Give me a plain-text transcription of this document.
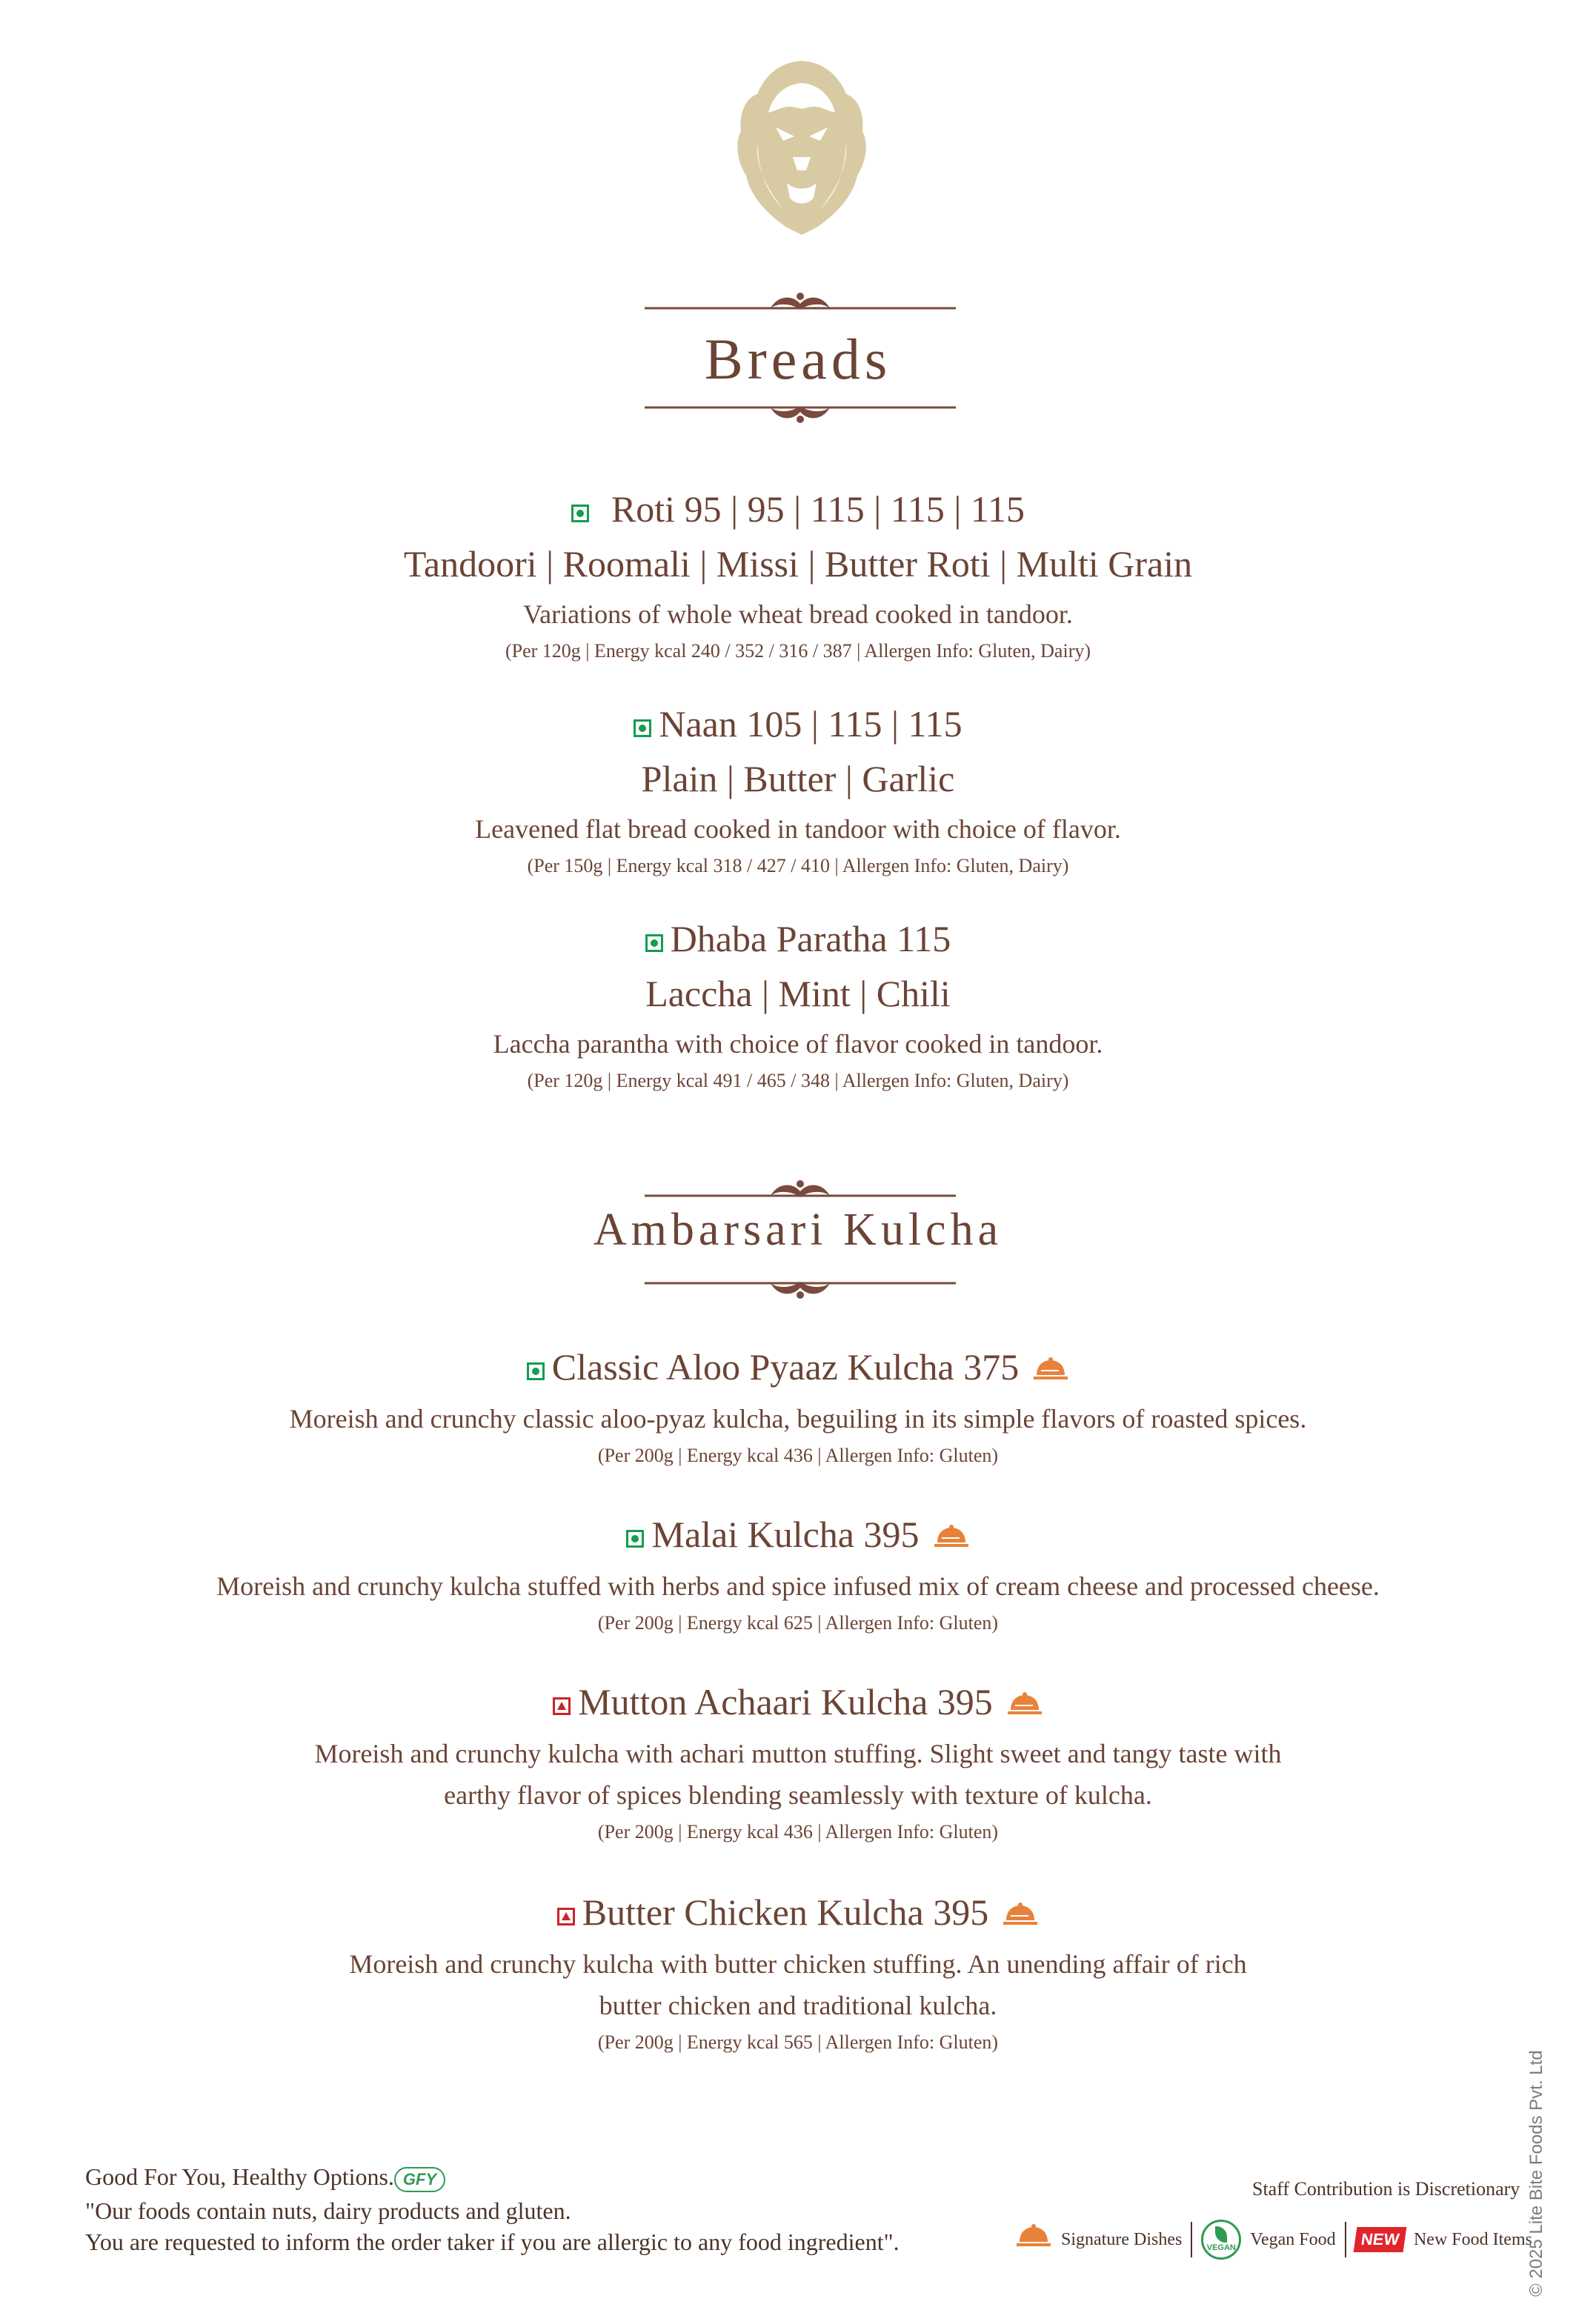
Breads
Roti 95 | 95 | 115 | 115 | 115
Tandoori | Roomali | Missi | Butter Roti | Multi Grain
Variations of whole wheat bread cooked in tandoor.
(Per 120g | Energy kcal 240 / 352 / 316 / 387 | Allergen Info: Gluten, Dairy)
Naan 105 | 115 | 115
Plain | Butter | Garlic
Leavened flat bread cooked in tandoor with choice of flavor.
(Per 150g | Energy kcal 318 / 427 / 410 | Allergen Info: Gluten, Dairy)
Dhaba Paratha 115
Laccha | Mint | Chili
Laccha parantha with choice of flavor cooked in tandoor.
(Per 120g | Energy kcal 491 / 465 / 348 | Allergen Info: Gluten, Dairy)
Ambarsari Kulcha
Classic Aloo Pyaaz Kulcha 375
Moreish and crunchy classic aloo-pyaz kulcha, beguiling in its simple flavors of roasted spices.
(Per 200g | Energy kcal 436 | Allergen Info: Gluten)
Malai Kulcha 395
Moreish and crunchy kulcha stuffed with herbs and spice infused mix of cream cheese and processed cheese.
(Per 200g | Energy kcal 625 | Allergen Info: Gluten)
Mutton Achaari Kulcha 395
Moreish and crunchy kulcha with achari mutton stuffing. Slight sweet and tangy taste with
earthy flavor of spices blending seamlessly with texture of kulcha.
(Per 200g | Energy kcal 436 | Allergen Info: Gluten)
Butter Chicken Kulcha 395
Moreish and crunchy kulcha with butter chicken stuffing. An unending affair of rich
butter chicken and traditional kulcha.
(Per 200g | Energy kcal 565 | Allergen Info: Gluten)
Good For You, Healthy Options. GFY
"Our foods contain nuts, dairy products and gluten.
You are requested to inform the order taker if you are allergic to any food ingredient".
Staff Contribution is Discretionary
Signature Dishes	VEGAN Vegan Food	NEW New Food Items
© 2025 Lite Bite Foods Pvt. Ltd
